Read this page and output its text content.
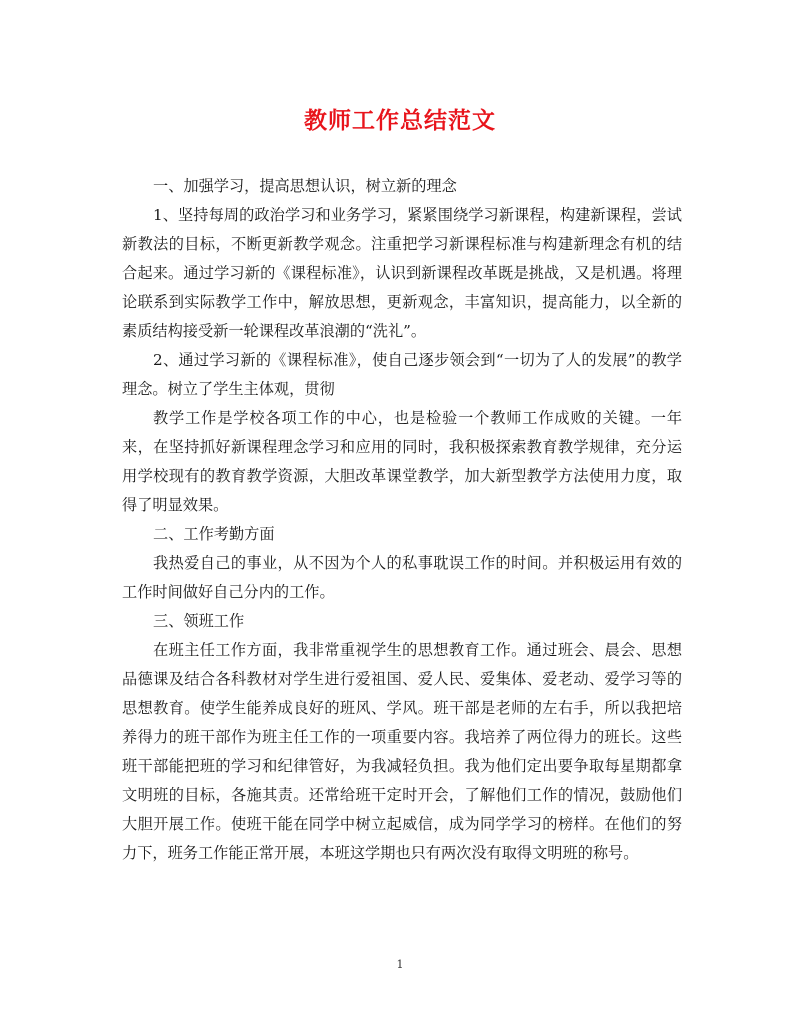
教师工作总结范文

一、加强学习，提高思想认识，树立新的理念

1、坚持每周的政治学习和业务学习，紧紧围绕学习新课程，构建新课程，尝试新教法的目标，不断更新教学观念。注重把学习新课程标准与构建新理念有机的结合起来。通过学习新的《课程标准》，认识到新课程改革既是挑战，又是机遇。将理论联系到实际教学工作中，解放思想，更新观念，丰富知识，提高能力，以全新的素质结构接受新一轮课程改革浪潮的“洗礼”。

2、通过学习新的《课程标准》，使自己逐步领会到“一切为了人的发展”的教学理念。树立了学生主体观，贯彻

教学工作是学校各项工作的中心，也是检验一个教师工作成败的关键。一年来，在坚持抓好新课程理念学习和应用的同时，我积极探索教育教学规律，充分运用学校现有的教育教学资源，大胆改革课堂教学，加大新型教学方法使用力度，取得了明显效果。

二、工作考勤方面

我热爱自己的事业，从不因为个人的私事耽误工作的时间。并积极运用有效的工作时间做好自己分内的工作。

三、领班工作

在班主任工作方面，我非常重视学生的思想教育工作。通过班会、晨会、思想品德课及结合各科教材对学生进行爱祖国、爱人民、爱集体、爱老动、爱学习等的思想教育。使学生能养成良好的班风、学风。班干部是老师的左右手，所以我把培养得力的班干部作为班主任工作的一项重要内容。我培养了两位得力的班长。这些班干部能把班的学习和纪律管好，为我减轻负担。我为他们定出要争取每星期都拿文明班的目标，各施其责。还常给班干定时开会，了解他们工作的情况，鼓励他们大胆开展工作。使班干能在同学中树立起威信，成为同学学习的榜样。在他们的努力下，班务工作能正常开展，本班这学期也只有两次没有取得文明班的称号。

1
